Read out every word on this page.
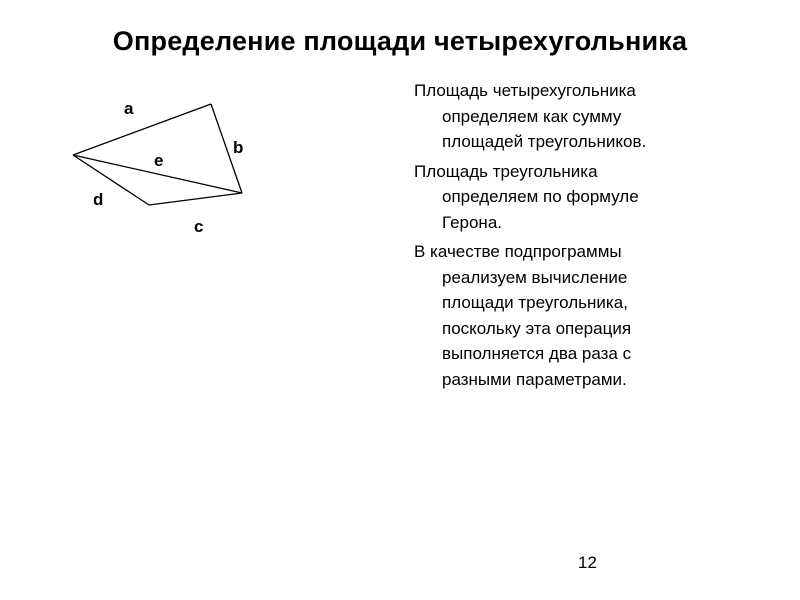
Определение площади четырехугольника
a
b
c
d
e

Площадь четырехугольника
определяем как сумму
площадей треугольников.

Площадь треугольника
определяем по формуле
Герона.

В качестве подпрограммы
реализуем вычисление
площади треугольника,
поскольку эта операция
выполняется два раза с
разными параметрами.

12
